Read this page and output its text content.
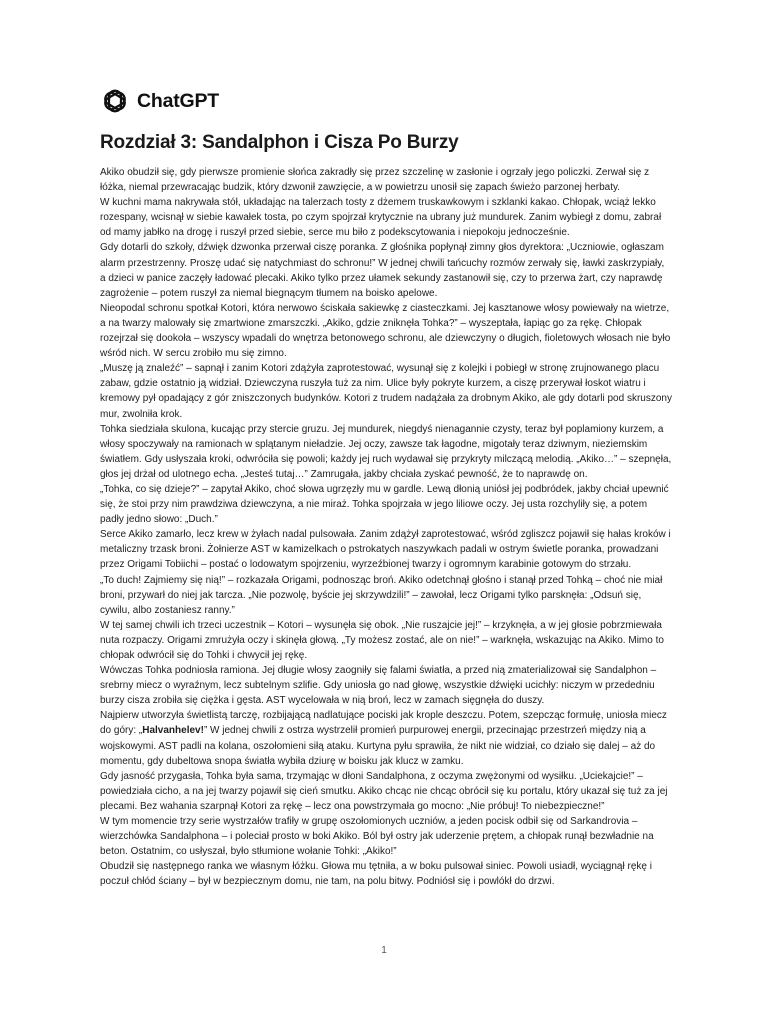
ChatGPT
Rozdział 3: Sandalphon i Cisza Po Burzy

Akiko obudził się, gdy pierwsze promienie słońca zakradły się przez szczelinę w zasłonie i ogrzały jego policzki. Zerwał się z łóżka, niemal przewracając budzik, który dzwonił zawzięcie, a w powietrzu unosił się zapach świeżo parzonej herbaty.

W kuchni mama nakrywała stół, układając na talerzach tosty z dżemem truskawkowym i szklanki kakao. Chłopak, wciąż lekko rozespany, wcisnął w siebie kawałek tosta, po czym spojrzał krytycznie na ubrany już mundurek. Zanim wybiegł z domu, zabrał od mamy jabłko na drogę i ruszył przed siebie, serce mu biło z podekscytowania i niepokoju jednocześnie.

Gdy dotarli do szkoły, dźwięk dzwonka przerwał ciszę poranka. Z głośnika popłynął zimny głos dyrektora: „Uczniowie, ogłaszam alarm przestrzenny. Proszę udać się natychmiast do schronu!” W jednej chwili tańcuchy rozmów zerwały się, ławki zaskrzypiały, a dzieci w panice zaczęły ładować plecaki. Akiko tylko przez ułamek sekundy zastanowił się, czy to przerwa żart, czy naprawdę zagrożenie – potem ruszył za niemal biegnącym tłumem na boisko apelowe.

Nieopodal schronu spotkał Kotori, która nerwowo ściskała sakiewkę z ciasteczkami. Jej kasztanowe włosy powiewały na wietrze, a na twarzy malowały się zmartwione zmarszczki. „Akiko, gdzie zniknęła Tohka?” – wyszeptała, łapiąc go za rękę. Chłopak rozejrzał się dookoła – wszyscy wpadali do wnętrza betonowego schronu, ale dziewczyny o długich, fioletowych włosach nie było wśród nich. W sercu zrobiło mu się zimno.

„Muszę ją znaleźć” – sapnął i zanim Kotori zdążyła zaprotestować, wysunął się z kolejki i pobiegł w stronę zrujnowanego placu zabaw, gdzie ostatnio ją widział. Dziewczyna ruszyła tuż za nim. Ulice były pokryte kurzem, a ciszę przerywał łoskot wiatru i kremowy pył opadający z gór zniszczonych budynków. Kotori z trudem nadążała za drobnym Akiko, ale gdy dotarli pod skruszony mur, zwolniła krok.

Tohka siedziała skulona, kucając przy stercie gruzu. Jej mundurek, niegdyś nienagannie czysty, teraz był poplamiony kurzem, a włosy spoczywały na ramionach w splątanym nieładzie. Jej oczy, zawsze tak łagodne, migotały teraz dziwnym, nieziemskim światłem. Gdy usłyszała kroki, odwróciła się powoli; każdy jej ruch wydawał się przykryty milczącą melodią. „Akiko…” – szepnęła, głos jej drżał od ulotnego echa. „Jesteś tutaj…” Zamrugała, jakby chciała zyskać pewność, że to naprawdę on.

„Tohka, co się dzieje?” – zapytał Akiko, choć słowa ugrzęzły mu w gardle. Lewą dłonią uniósł jej podbródek, jakby chciał upewnić się, że stoi przy nim prawdziwa dziewczyna, a nie miraż. Tohka spojrzała w jego liliowe oczy. Jej usta rozchyliły się, a potem padły jedno słowo: „Duch.”

Serce Akiko zamarło, lecz krew w żyłach nadal pulsowała. Zanim zdążył zaprotestować, wśród zgliszcz pojawił się hałas kroków i metaliczny trzask broni. Żołnierze AST w kamizelkach o pstrokatych naszywkach padali w ostrym świetle poranka, prowadzani przez Origami Tobiichi – postać o lodowatym spojrzeniu, wyrzeźbionej twarzy i ogromnym karabinie gotowym do strzału.

„To duch! Zajmiemy się nią!” – rozkazała Origami, podnosząc broń. Akiko odetchnął głośno i stanął przed Tohką – choć nie miał broni, przywarł do niej jak tarcza. „Nie pozwolę, byście jej skrzywdzili!” – zawołał, lecz Origami tylko parsknęła: „Odsuń się, cywilu, albo zostaniesz ranny.”

W tej samej chwili ich trzeci uczestnik – Kotori – wysunęła się obok. „Nie ruszajcie jej!” – krzyknęła, a w jej głosie pobrzmiewała nuta rozpaczy. Origami zmrużyła oczy i skinęła głową. „Ty możesz zostać, ale on nie!” – warknęła, wskazując na Akiko. Mimo to chłopak odwrócił się do Tohki i chwycił jej rękę.

Wówczas Tohka podniosła ramiona. Jej długie włosy zaogniły się falami światła, a przed nią zmaterializował się Sandalphon – srebrny miecz o wyraźnym, lecz subtelnym szlifie. Gdy uniosła go nad głowę, wszystkie dźwięki ucichły: niczym w przededniu burzy cisza zrobiła się ciężka i gęsta. AST wycelowała w nią broń, lecz w zamach sięgnęła do duszy.

Najpierw utworzyła świetlistą tarczę, rozbijającą nadlatujące pociski jak krople deszczu. Potem, szepcząc formułę, uniosła miecz do góry: „Halvanhelev!” W jednej chwili z ostrza wystrzelił promień purpurowej energii, przecinając przestrzeń między nią a wojskowymi. AST padli na kolana, oszołomieni siłą ataku. Kurtyna pyłu sprawiła, że nikt nie widział, co działo się dalej – aż do momentu, gdy dubeltowa snopa światła wybiła dziurę w boisku jak klucz w zamku.

Gdy jasność przygasła, Tohka była sama, trzymając w dłoni Sandalphona, z oczyma zwężonymi od wysiłku. „Uciekajcie!” – powiedziała cicho, a na jej twarzy pojawił się cień smutku. Akiko chcąc nie chcąc obrócił się ku portalu, który ukazał się tuż za jej plecami. Bez wahania szarpnął Kotori za rękę – lecz ona powstrzymała go mocno: „Nie próbuj! To niebezpieczne!”

W tym momencie trzy serie wystrzałów trafiły w grupę oszołomionych uczniów, a jeden pocisk odbił się od Sarkandrovia – wierzchówka Sandalphona – i poleciał prosto w boki Akiko. Ból był ostry jak uderzenie prętem, a chłopak runął bezwładnie na beton. Ostatnim, co usłyszał, było stłumione wołanie Tohki: „Akiko!”

Obudził się następnego ranka we własnym łóżku. Głowa mu tętniła, a w boku pulsował siniec. Powoli usiadł, wyciągnął rękę i poczuł chłód ściany – był w bezpiecznym domu, nie tam, na polu bitwy. Podniósł się i powlókł do drzwi.

1
